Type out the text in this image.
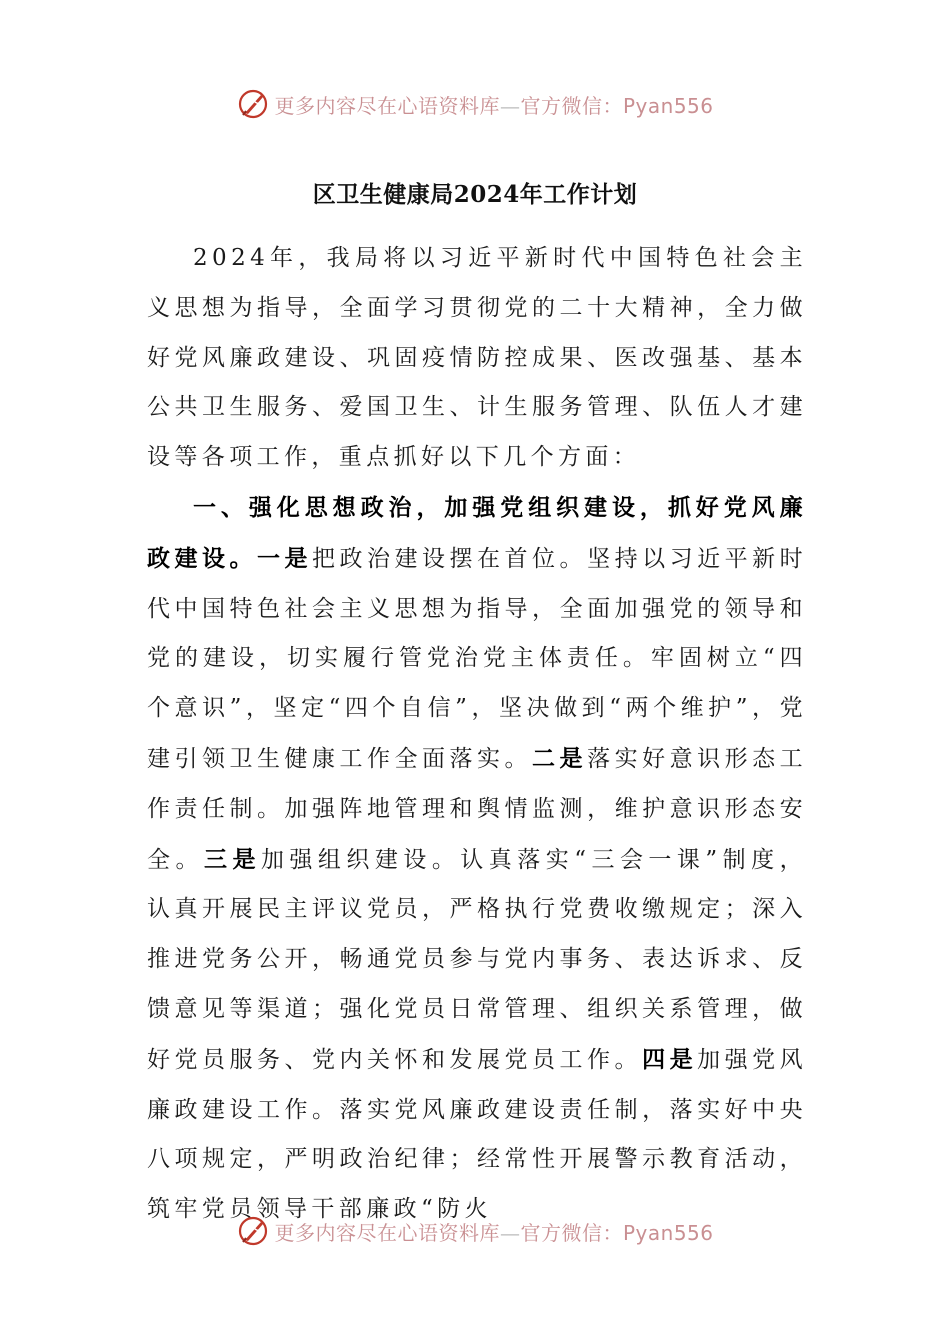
更多内容尽在心语资料库—官方微信：Pyan556
区卫生健康局2024年工作计划

2024年，我局将以习近平新时代中国特色社会主义思想为指导，全面学习贯彻党的二十大精神，全力做好党风廉政建设、巩固疫情防控成果、医改强基、基本公共卫生服务、爱国卫生、计生服务管理、队伍人才建设等各项工作，重点抓好以下几个方面：

一、强化思想政治，加强党组织建设，抓好党风廉政建设。一是把政治建设摆在首位。坚持以习近平新时代中国特色社会主义思想为指导，全面加强党的领导和党的建设，切实履行管党治党主体责任。牢固树立“四个意识”，坚定“四个自信”，坚决做到“两个维护”，党建引领卫生健康工作全面落实。二是落实好意识形态工作责任制。加强阵地管理和舆情监测，维护意识形态安全。三是加强组织建设。认真落实“三会一课”制度，认真开展民主评议党员，严格执行党费收缴规定；深入推进党务公开，畅通党员参与党内事务、表达诉求、反馈意见等渠道；强化党员日常管理、组织关系管理，做好党员服务、党内关怀和发展党员工作。四是加强党风廉政建设工作。落实党风廉政建设责任制，落实好中央八项规定，严明政治纪律；经常性开展警示教育活动，筑牢党员领导干部廉政“防火

更多内容尽在心语资料库—官方微信：Pyan556
